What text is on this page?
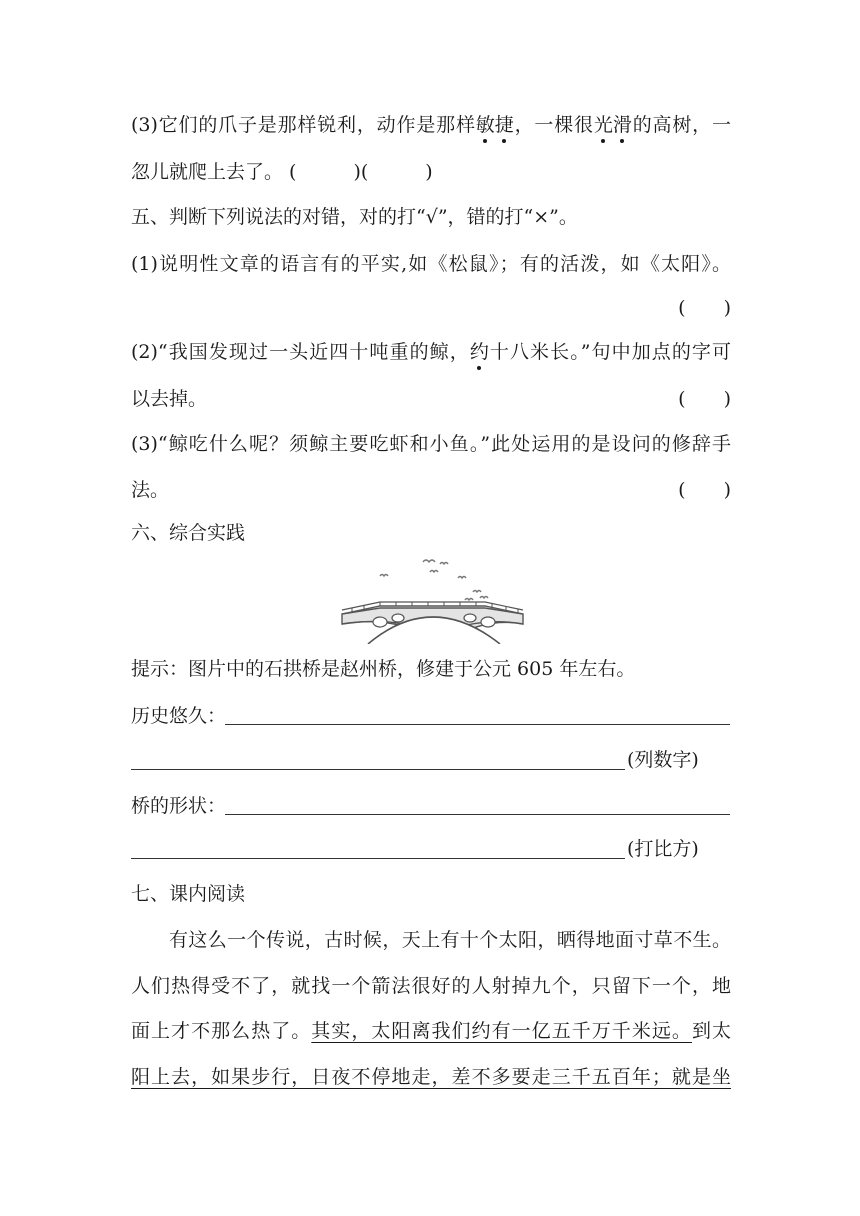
(3)它们的爪子是那样锐利，动作是那样敏捷，一棵很光滑的高树，一
忽儿就爬上去了。 (　　　)(　　　)
五、判断下列说法的对错，对的打“√”，错的打“×”。
(1)说明性文章的语言有的平实,如《松鼠》；有的活泼，如《太阳》。
(　　)
(2)“我国发现过一头近四十吨重的鲸，约十八米长。”句中加点的字可
以去掉。	(　　)
(3)“鲸吃什么呢？须鲸主要吃虾和小鱼。”此处运用的是设问的修辞手
法。	(　　)
六、综合实践
提示：图片中的石拱桥是赵州桥，修建于公元 605 年左右。
历史悠久：
(列数字)
桥的形状：
(打比方)
七、课内阅读
有这么一个传说，古时候，天上有十个太阳，晒得地面寸草不生。
人们热得受不了，就找一个箭法很好的人射掉九个，只留下一个，地
面上才不那么热了。其实，太阳离我们约有一亿五千万千米远。到太
阳上去，如果步行，日夜不停地走，差不多要走三千五百年；就是坐
